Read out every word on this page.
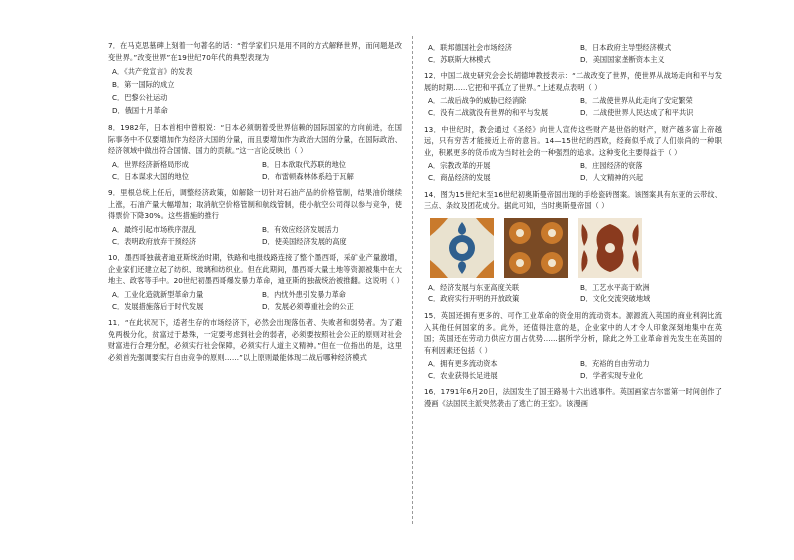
7．在马克思墓碑上刻着一句著名的话：“哲学家们只是用不同的方式解释世界，而问题是改变世界。”改变世界”在19世纪70年代的典型表现为

A．《共产党宣言》的发表
B．第一国际的成立
C．巴黎公社运动
D．俄国十月革命

8．1982年，日本首相中曾根说：“日本必须朝着受世界信赖的国际国家的方向前进，在国际事务中不仅要增加作为经济大国的分量，而且要增加作为政治大国的分量，在国际政治、经济领域中做出符合国情、国力的贡献。”这一言论反映出（ ）

A．世界经济新格局形成	B．日本欲取代苏联的地位
C．日本谋求大国的地位	D．布雷顿森林体系趋于瓦解

9．里根总统上任后，调整经济政策，如解除一切针对石油产品的价格管制，结果油价继续上涨，石油产量大幅增加；取消航空价格管制和航线管制，使小航空公司得以参与竞争，使得票价下降30%。这些措施的推行

A．最终引起市场秩序混乱	B．有效应经济发展活力
C．表明政府放弃干预经济	D．使美国经济发展的高度

10．墨西哥独裁者迪亚斯统治时期，铁路和电报线路连接了整个墨西哥，采矿业产量激增，企业家们还建立起了纺织、玻璃和纺织业。但在此期间，墨西哥大量土地等资源被集中在大地主、政客等手中。20世纪初墨西哥爆发暴力革命，迪亚斯的独裁统治被推翻。这说明（ ）

A．工业化造就新型革命力量	B．内忧外患引发暴力革命
C．发展措施落后于时代发展	D．发展必须尊重社会的公正

11．“在此状况下，适者生存的市场经济下，必然会出现落伍者、失败者和弱势者。为了避免两极分化，贫富过于悬殊，一定要考虑到社会的弱者，必须要按照社会公正的原则对社会财富进行合理分配，必须实行社会保障，必须实行人道主义精神。”但在一位指出的是，这里必须首先强调要实行自由竞争的原则……”以上原则最能体现二战后哪种经济模式

A．联邦德国社会市场经济	B．日本政府主导型经济模式
C．苏联斯大林模式	D．美国国家垄断资本主义

12．中国二战史研究会会长胡德坤教授表示：“二战改变了世界，使世界从战场走向和平与发展的时期……它把和平孤立了世界。”上述观点表明（ ）

A．二战后战争的威胁已经消除	B．二战使世界从此走向了安定繁荣
C．没有二战就没有世界的和平与发展	D．二战使世界人民达成了和平共识

13．中世纪时，教会通过《圣经》向世人宣传这些财产是世俗的财产，财产越多富上帝越远，只有穷苦才能接近上帝的意旨。14—15世纪的西欧，经商似乎成了人们崇尚的一种职业，积累更多的货币成为当时社会的一种强烈的追求。这种变化主要得益于（ ）

A．宗教改革的开展	B．庄园经济的衰落
C．商品经济的发展	D．人文精神的兴起

14．图为15世纪末至16世纪初奥斯曼帝国出现的手绘瓷砖图案。该图案具有东亚的云带纹、三点、条纹及团花成分。据此可知，当时奥斯曼帝国（ ）

A．经济发展与东亚高度关联	B．工艺水平高于欧洲
C．政府实行开明的开放政策	D．文化交流突破地域

15．英国还拥有更多的、可作工业革命的资金用的流动资本。源源流入英国的商业利润比流入其他任何国家的多。此外，还值得注意的是，企业家中的人才令人印象深刻地集中在英国；英国还在劳动力供应方面占优势……据所学分析，除此之外工业革命首先发生在英国的有利因素还包括（ ）

A．拥有更多流动资本	B．充裕的自由劳动力
C．农业获得长足进展	D．学者实现专业化

16．1791年6月20日，法国发生了国王路易十六出逃事件。英国画家吉尔雷第一时间创作了漫画《法国民主派突然袭击了逃亡的王室》。该漫画
